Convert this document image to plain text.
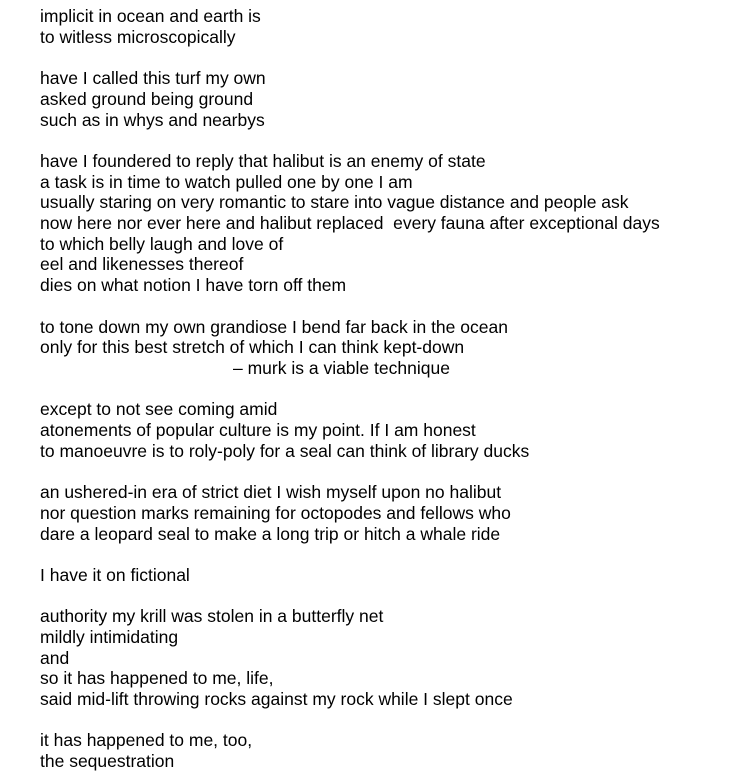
implicit in ocean and earth is
to witless microscopically
have I called this turf my own
asked ground being ground
such as in whys and nearbys
have I foundered to reply that halibut is an enemy of state
a task is in time to watch pulled one by one I am
usually staring on very romantic to stare into vague distance and people ask
now here nor ever here and halibut replaced  every fauna after exceptional days
to which belly laugh and love of
eel and likenesses thereof
dies on what notion I have torn off them
to tone down my own grandiose I bend far back in the ocean
only for this best stretch of which I can think kept-down
– murk is a viable technique
except to not see coming amid
atonements of popular culture is my point. If I am honest
to manoeuvre is to roly-poly for a seal can think of library ducks
an ushered-in era of strict diet I wish myself upon no halibut
nor question marks remaining for octopodes and fellows who
dare a leopard seal to make a long trip or hitch a whale ride
I have it on fictional
authority my krill was stolen in a butterfly net
mildly intimidating
and
so it has happened to me, life,
said mid-lift throwing rocks against my rock while I slept once
it has happened to me, too,
the sequestration
